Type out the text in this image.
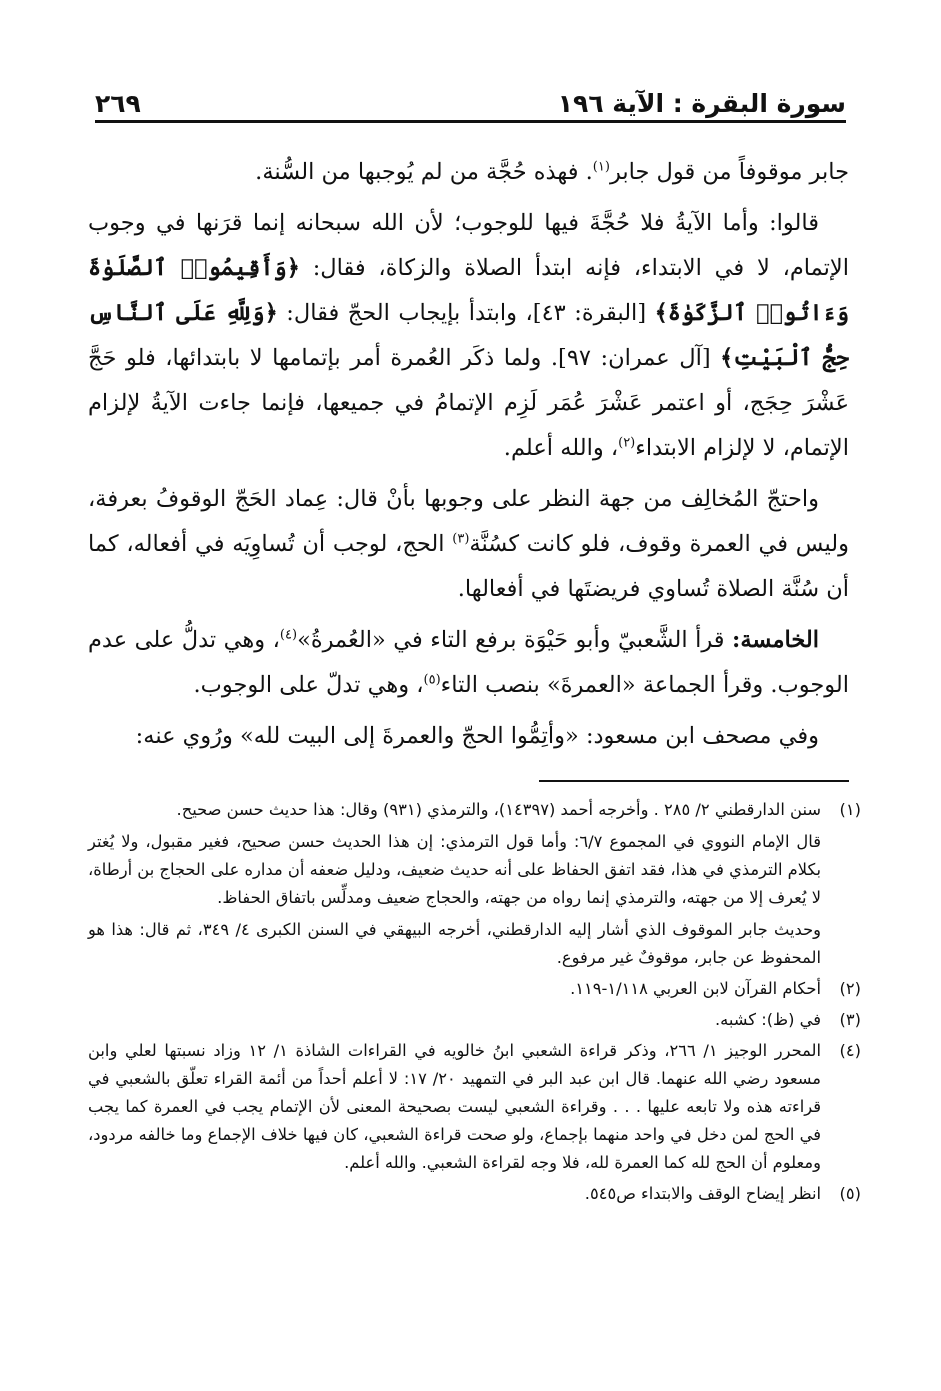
سورة البقرة : الآية ١٩٦
٢٦٩

جابر موقوفاً من قول جابر$^{(١)}$. فهذه حُجَّة من لم يُوجبها من السُّنة.

قالوا: وأما الآيةُ فلا حُجَّةَ فيها للوجوب؛ لأن الله سبحانه إنما قرَنها في وجوب الإتمام، لا في الابتداء، فإنه ابتدأ الصلاة والزكاة، فقال: ﴿وَأَقِيمُوا۟ ٱلصَّلَوٰةَ وَءَاتُوا۟ ٱلزَّكَوٰةَ﴾ [البقرة: ٤٣]، وابتدأ بإيجاب الحجّ فقال: ﴿وَلِلَّهِ عَلَى ٱلنَّاسِ حِجُّ ٱلْبَيْتِ﴾ [آل عمران: ٩٧]. ولما ذكَر العُمرة أمر بإتمامها لا بابتدائها، فلو حَجَّ عَشْرَ حِجَج، أو اعتمر عَشْرَ عُمَر لَزِم الإتمامُ في جميعها، فإنما جاءت الآيةُ لإلزام الإتمام، لا لإلزام الابتداء$^{(٢)}$، والله أعلم.

واحتجّ المُخالِف من جهة النظر على وجوبها بأنْ قال: عِماد الحَجّ الوقوفُ بعرفة، وليس في العمرة وقوف، فلو كانت كسُنَّة$^{(٣)}$ الحج، لوجب أن تُساوِيَه في أفعاله، كما أن سُنَّة الصلاة تُساوي فريضتَها في أفعالها.

الخامسة: قرأ الشَّعبيّ وأبو حَيْوَة برفع التاء في «العُمرةُ»$^{(٤)}$، وهي تدلُّ على عدم الوجوب. وقرأ الجماعة «العمرةَ» بنصب التاء$^{(٥)}$، وهي تدلّ على الوجوب.

وفي مصحف ابن مسعود: «وأتِمُّوا الحجّ والعمرةَ إلى البيت لله» ورُوي عنه:

(١)

سنن الدارقطني ٢/ ٢٨٥ . وأخرجه أحمد (١٤٣٩٧)، والترمذي (٩٣١) وقال: هذا حديث حسن صحيح.

قال الإمام النووي في المجموع ٦/٧: وأما قول الترمذي: إن هذا الحديث حسن صحيح، فغير مقبول، ولا يُغتر بكلام الترمذي في هذا، فقد اتفق الحفاظ على أنه حديث ضعيف، ودليل ضعفه أن مداره على الحجاج بن أرطاة، لا يُعرف إلا من جهته، والترمذي إنما رواه من جهته، والحجاج ضعيف ومدلِّس باتفاق الحفاظ.

وحديث جابر الموقوف الذي أشار إليه الدارقطني، أخرجه البيهقي في السنن الكبرى ٤/ ٣٤٩، ثم قال: هذا هو المحفوظ عن جابر، موقوفٌ غير مرفوع.

(٢)

أحكام القرآن لابن العربي ١/١١٨-١١٩.

(٣)

في (ظ): كشبه.

(٤)

المحرر الوجيز ١/ ٢٦٦، وذكر قراءة الشعبي ابنُ خالويه في القراءات الشاذة ١/ ١٢ وزاد نسبتها لعلي وابن مسعود رضي الله عنهما. قال ابن عبد البر في التمهيد ٢٠/ ١٧: لا أعلم أحداً من أئمة القراء تعلّق بالشعبي في قراءته هذه ولا تابعه عليها . . . وقراءة الشعبي ليست بصحيحة المعنى لأن الإتمام يجب في العمرة كما يجب في الحج لمن دخل في واحد منهما بإجماع، ولو صحت قراءة الشعبي، كان فيها خلاف الإجماع وما خالفه مردود، ومعلوم أن الحج لله كما العمرة لله، فلا وجه لقراءة الشعبي. والله أعلم.

(٥)

انظر إيضاح الوقف والابتداء ص٥٤٥.
